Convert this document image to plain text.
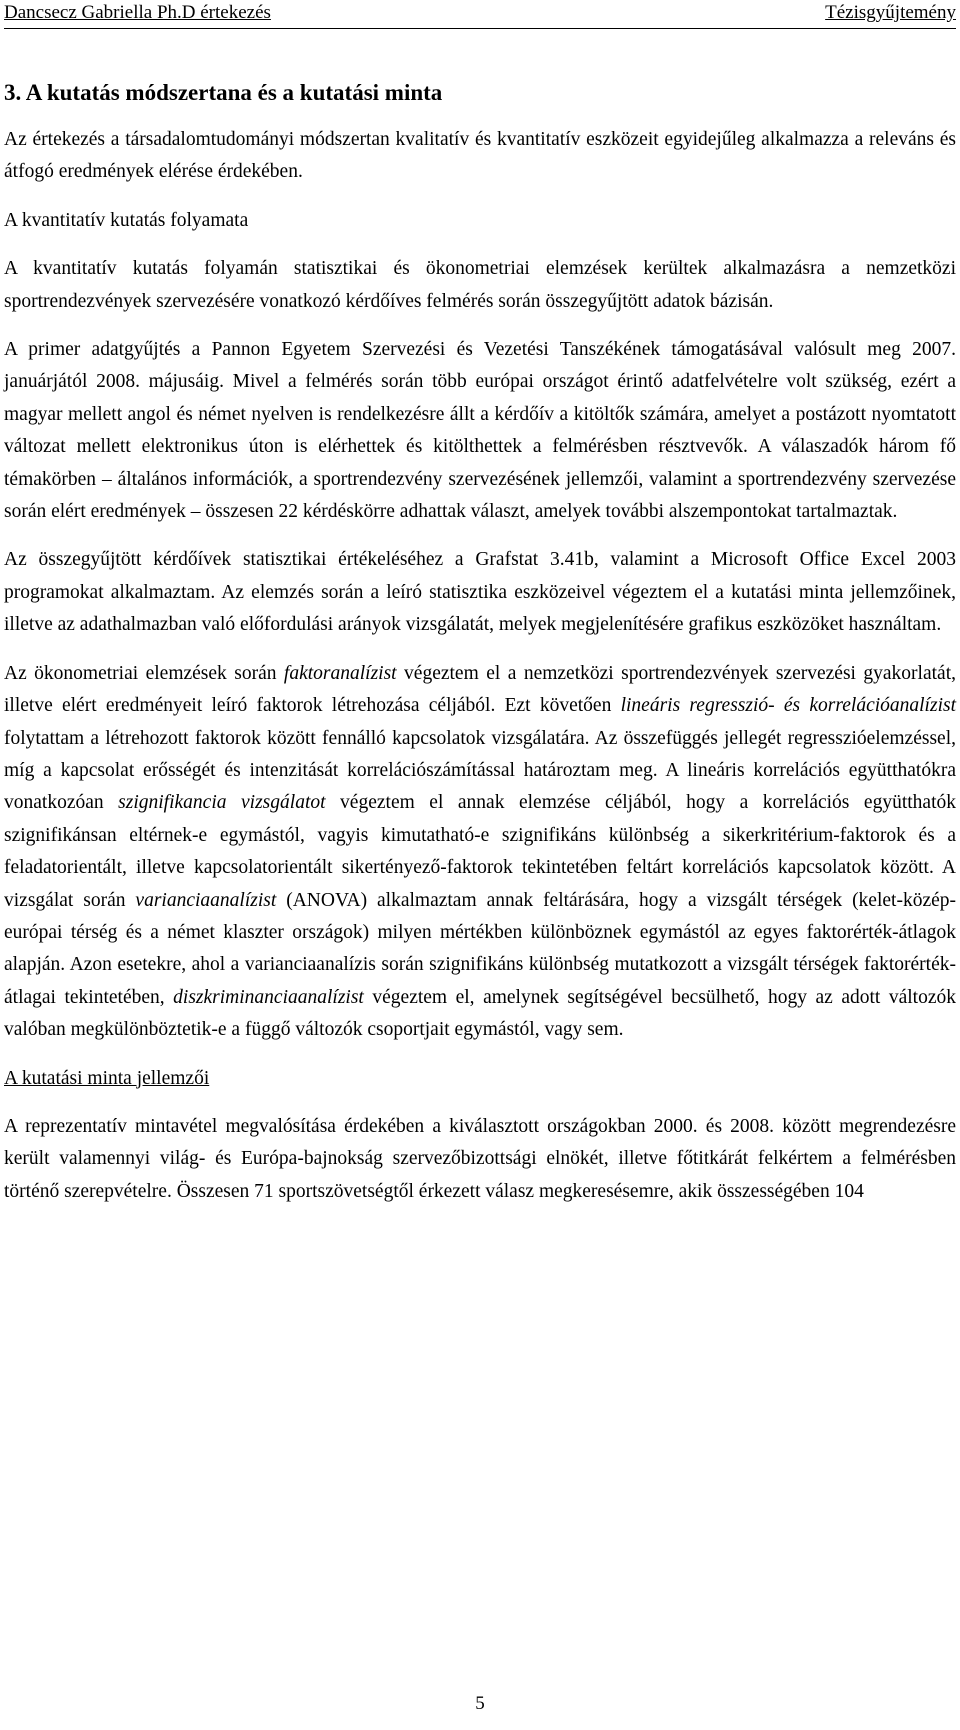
Dancsecz Gabriella Ph.D értekezés	Tézisgyűjtemény
3. A kutatás módszertana és a kutatási minta

Az értekezés a társadalomtudományi módszertan kvalitatív és kvantitatív eszközeit egyidejűleg alkalmazza a releváns és átfogó eredmények elérése érdekében.

A kvantitatív kutatás folyamata

A kvantitatív kutatás folyamán statisztikai és ökonometriai elemzések kerültek alkalmazásra a nemzetközi sportrendezvények szervezésére vonatkozó kérdőíves felmérés során összegyűjtött adatok bázisán.

A primer adatgyűjtés a Pannon Egyetem Szervezési és Vezetési Tanszékének támogatásával valósult meg 2007. januárjától 2008. májusáig. Mivel a felmérés során több európai országot érintő adatfelvételre volt szükség, ezért a magyar mellett angol és német nyelven is rendelkezésre állt a kérdőív a kitöltők számára, amelyet a postázott nyomtatott változat mellett elektronikus úton is elérhettek és kitölthettek a felmérésben résztvevők. A válaszadók három fő témakörben – általános információk, a sportrendezvény szervezésének jellemzői, valamint a sportrendezvény szervezése során elért eredmények – összesen 22 kérdéskörre adhattak választ, amelyek további alszempontokat tartalmaztak.

Az összegyűjtött kérdőívek statisztikai értékeléséhez a Grafstat 3.41b, valamint a Microsoft Office Excel 2003 programokat alkalmaztam. Az elemzés során a leíró statisztika eszközeivel végeztem el a kutatási minta jellemzőinek, illetve az adathalmazban való előfordulási arányok vizsgálatát, melyek megjelenítésére grafikus eszközöket használtam.

Az ökonometriai elemzések során faktoranalízist végeztem el a nemzetközi sportrendezvények szervezési gyakorlatát, illetve elért eredményeit leíró faktorok létrehozása céljából. Ezt követően lineáris regresszió- és korrelációanalízist folytattam a létrehozott faktorok között fennálló kapcsolatok vizsgálatára. Az összefüggés jellegét regresszióelemzéssel, míg a kapcsolat erősségét és intenzitását korrelációszámítással határoztam meg. A lineáris korrelációs együtthatókra vonatkozóan szignifikancia vizsgálatot végeztem el annak elemzése céljából, hogy a korrelációs együtthatók szignifikánsan eltérnek-e egymástól, vagyis kimutatható-e szignifikáns különbség a sikerkritérium-faktorok és a feladatorientált, illetve kapcsolatorientált sikertényező-faktorok tekintetében feltárt korrelációs kapcsolatok között. A vizsgálat során varianciaanalízist (ANOVA) alkalmaztam annak feltárására, hogy a vizsgált térségek (kelet-közép-európai térség és a német klaszter országok) milyen mértékben különböznek egymástól az egyes faktorérték-átlagok alapján. Azon esetekre, ahol a varianciaanalízis során szignifikáns különbség mutatkozott a vizsgált térségek faktorérték-átlagai tekintetében, diszkriminanciaanalízist végeztem el, amelynek segítségével becsülhető, hogy az adott változók valóban megkülönböztetik-e a függő változók csoportjait egymástól, vagy sem.

A kutatási minta jellemzői

A reprezentatív mintavétel megvalósítása érdekében a kiválasztott országokban 2000. és 2008. között megrendezésre került valamennyi világ- és Európa-bajnokság szervezőbizottsági elnökét, illetve főtitkárát felkértem a felmérésben történő szerepvételre. Összesen 71 sportszövetségtől érkezett válasz megkeresésemre, akik összességében 104

5
